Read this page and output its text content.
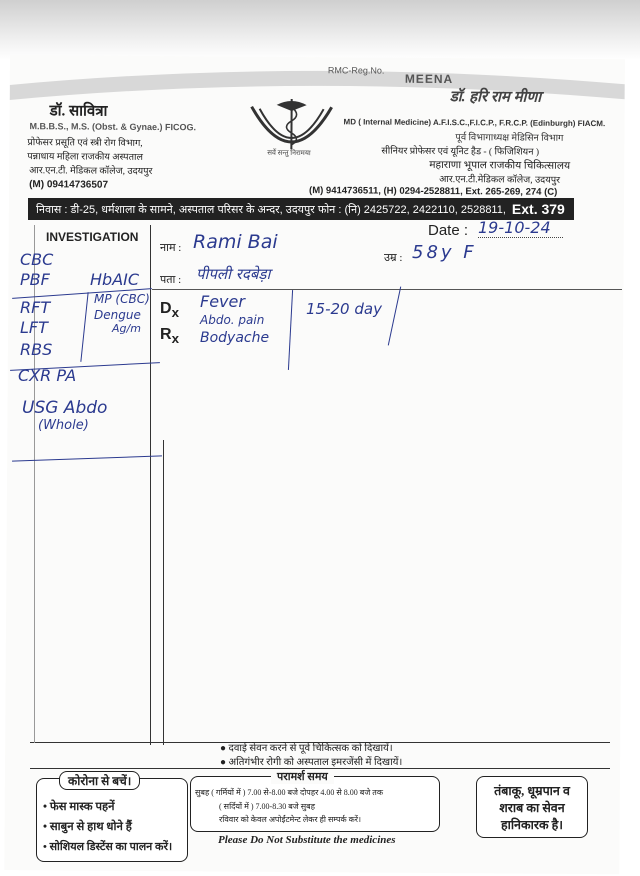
RMC-Reg.No.
MEENA
डॉ. हरि राम मीणा
डॉ. सावित्रा
M.B.B.S., M.S. (Obst. & Gynae.) FICOG.
प्रोफेसर प्रसूति एवं स्त्री रोग विभाग,
पन्नाधाय महिला राजकीय अस्पताल
आर.एन.टी. मेडिकल कॉलेज, उदयपुर
(M) 09414736507
सर्वे सन्तु निरामया
MD ( Internal Medicine) A.F.I.S.C.,F.I.C.P., F.R.C.P. (Edinburgh) FIACM.
पूर्व विभागाध्यक्ष मेडिसिन विभाग
सीनियर प्रोफेसर एवं यूनिट हैड - ( फिजिशियन )
महाराणा भूपाल राजकीय चिकित्सालय
आर.एन.टी.मेडिकल कॉलेज, उदयपुर
(M) 9414736511, (H) 0294-2528811, Ext. 265-269, 274 (C)
निवास : डी-25, धर्मशाला के सामने, अस्पताल परिसर के अन्दर, उदयपुर फोन : (नि) 2425722, 2422110, 2528811, Ext. 379
INVESTIGATION	Date : 19-10-24
नाम : Rami Bai
उम्र : 58y F
पता : पीपली रदबेड़ा
$D_x$
$R_x$
CBC
PBF	HbAIC
RFT
LFT
RBS
MP (CBC)
Dengue
Ag/m
CXR PA
USG Abdo
(Whole)
Fever
Abdo. pain
Bodyache
15-20 day
● दवाई सेवन करने से पूर्व चिकित्सक को दिखायें।
● अतिगंभीर रोगी को अस्पताल इमरजेंसी में दिखायें।
कोरोना से बचें।
• फेस मास्क पहनें
• साबुन से हाथ धोने हैं
• सोशियल डिस्टेंस का पालन करें।
परामर्श समय
सुबह ( गर्मियों में ) 7.00 से-8.00 बजे दोपहर 4.00 से 8.00 बजे तक
( सर्दियों में ) 7.00-8.30 बजे सुबह
रविवार को केवल अपोईंटमेन्ट लेकर ही सम्पर्क करें।
Please Do Not Substitute the medicines
तंबाकू, धूम्रपान व शराब का सेवन हानिकारक है।
